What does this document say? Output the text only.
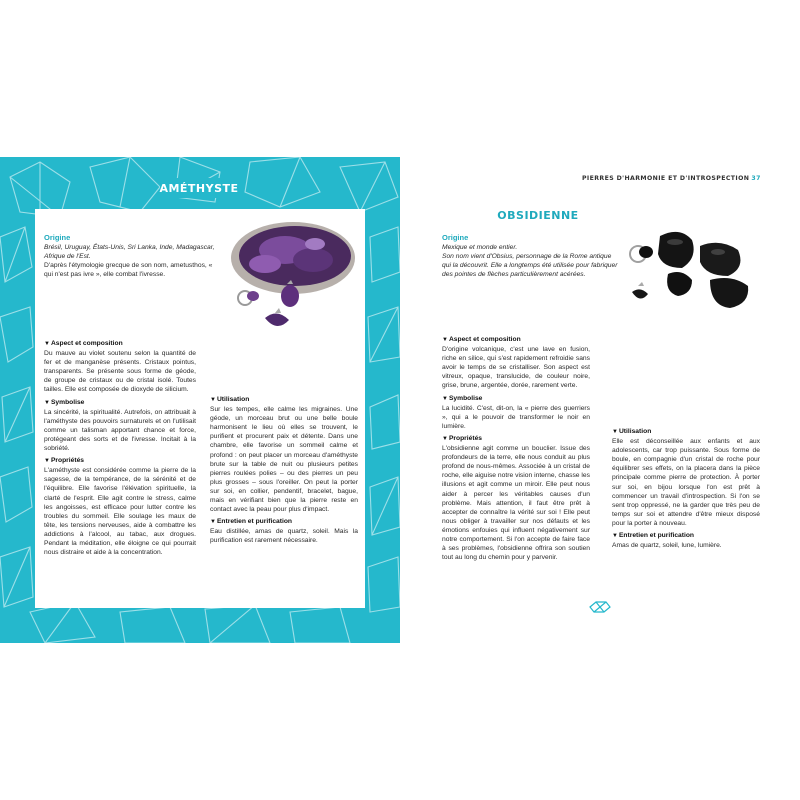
AMÉTHYSTE
Origine
Brésil, Uruguay, États-Unis, Sri Lanka, Inde, Madagascar, Afrique de l'Est.
D'après l'étymologie grecque de son nom, ametusthos, « qui n'est pas ivre », elle combat l'ivresse.
▼Aspect et composition

Du mauve au violet soutenu selon la quantité de fer et de manganèse présents. Cristaux pointus, transparents. Se présente sous forme de géode, de groupe de cristaux ou de cristal isolé. Toutes tailles. Elle est composée de dioxyde de silicium.

▼Symbolise

La sincérité, la spiritualité. Autrefois, on attribuait à l'améthyste des pouvoirs surnaturels et on l'utilisait comme un talisman apportant chance et force, protégeant des sorts et de l'ivresse. Incitait à la sobriété.

▼Propriétés

L'améthyste est considérée comme la pierre de la sagesse, de la tempérance, de la sérénité et de l'équilibre. Elle favorise l'élévation spirituelle, la clarté de l'esprit. Elle agit contre le stress, calme les angoisses, est efficace pour lutter contre les troubles du sommeil. Elle soulage les maux de tête, les tensions nerveuses, aide à combattre les addictions à l'alcool, au tabac, aux drogues. Pendant la méditation, elle éloigne ce qui pourrait nous distraire et aide à la concentration.

▼Utilisation

Sur les tempes, elle calme les migraines. Une géode, un morceau brut ou une belle boule harmonisent le lieu où elles se trouvent, le purifient et procurent paix et détente. Dans une chambre, elle favorise un sommeil calme et profond : on peut placer un morceau d'améthyste brute sur la table de nuit ou plusieurs petites pierres roulées polies – ou des pierres un peu plus grosses – sous l'oreiller. On peut la porter sur soi, en collier, pendentif, bracelet, bague, mais en vérifiant bien que la pierre reste en contact avec la peau pour plus d'impact.

▼Entretien et purification

Eau distillée, amas de quartz, soleil. Mais la purification est rarement nécessaire.

PIERRES D'HARMONIE ET D'INTROSPECTION 37
OBSIDIENNE
Origine
Mexique et monde entier.
Son nom vient d'Obsius, personnage de la Rome antique qui la découvrit. Elle a longtemps été utilisée pour fabriquer des pointes de flèches particulièrement acérées.
▼Aspect et composition

D'origine volcanique, c'est une lave en fusion, riche en silice, qui s'est rapidement refroidie sans avoir le temps de se cristalliser. Son aspect est vitreux, opaque, translucide, de couleur noire, grise, brune, argentée, dorée, rarement verte.

▼Symbolise

La lucidité. C'est, dit-on, la « pierre des guerriers », qui a le pouvoir de transformer le noir en lumière.

▼Propriétés

L'obsidienne agit comme un bouclier. Issue des profondeurs de la terre, elle nous conduit au plus profond de nous-mêmes. Associée à un cristal de roche, elle aiguise notre vision interne, chasse les illusions et agit comme un miroir. Elle peut nous aider à percer les véritables causes d'un problème. Mais attention, il faut être prêt à accepter de connaître la vérité sur soi ! Elle peut nous obliger à travailler sur nos défauts et les émotions enfouies qui influent négativement sur notre comportement. Si l'on accepte de faire face à ses problèmes, l'obsidienne offrira son soutien tout au long du chemin pour y parvenir.

▼Utilisation

Elle est déconseillée aux enfants et aux adolescents, car trop puissante. Sous forme de boule, en compagnie d'un cristal de roche pour équilibrer ses effets, on la placera dans la pièce principale comme pierre de protection. À porter sur soi, en bijou lorsque l'on est prêt à commencer un travail d'introspection. Si l'on se sent trop oppressé, ne la garder que très peu de temps sur soi et attendre d'être mieux disposé pour la porter à nouveau.

▼Entretien et purification

Amas de quartz, soleil, lune, lumière.
